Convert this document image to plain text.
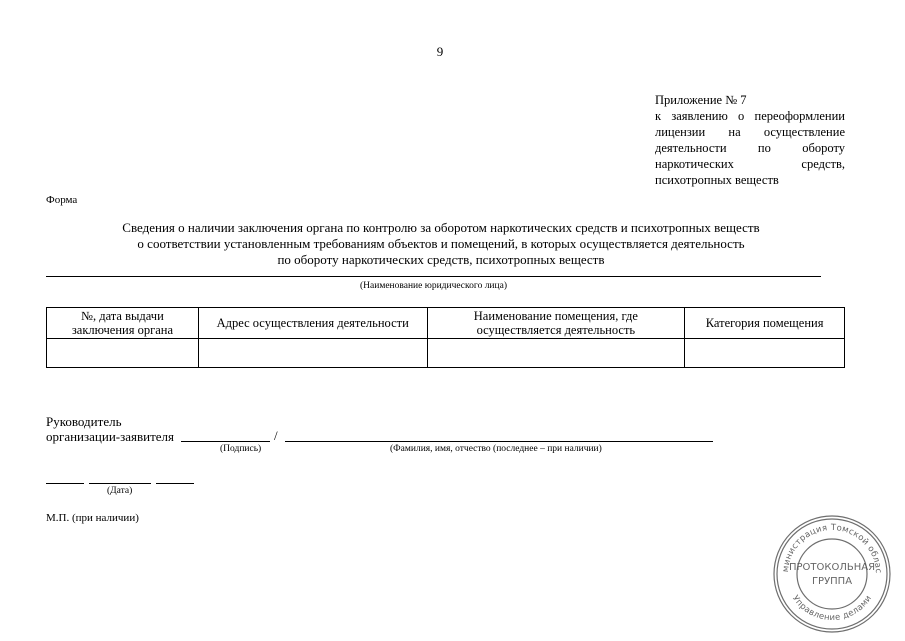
9
Приложение № 7
к заявлению о переоформлении
лицензии на осуществление
деятельности по обороту
наркотических средств,
психотропных веществ
Форма
Сведения о наличии заключения органа по контролю за оборотом наркотических средств и психотропных веществ
о соответствии установленным требованиям объектов и помещений, в которых осуществляется деятельность
по обороту наркотических средств, психотропных веществ
(Наименование юридического лица)
№, дата выдачи заключения органа	Адрес осуществления деятельности	Наименование помещения, где осуществляется деятельность	Категория помещения

Руководитель
организации-заявителя	/
(Подпись)	(Фамилия, имя, отчество (последнее – при наличии)
(Дата)
М.П. (при наличии)
министрация Томской облас
Управление делами
ПРОТОКОЛЬНАЯ
ГРУППА
